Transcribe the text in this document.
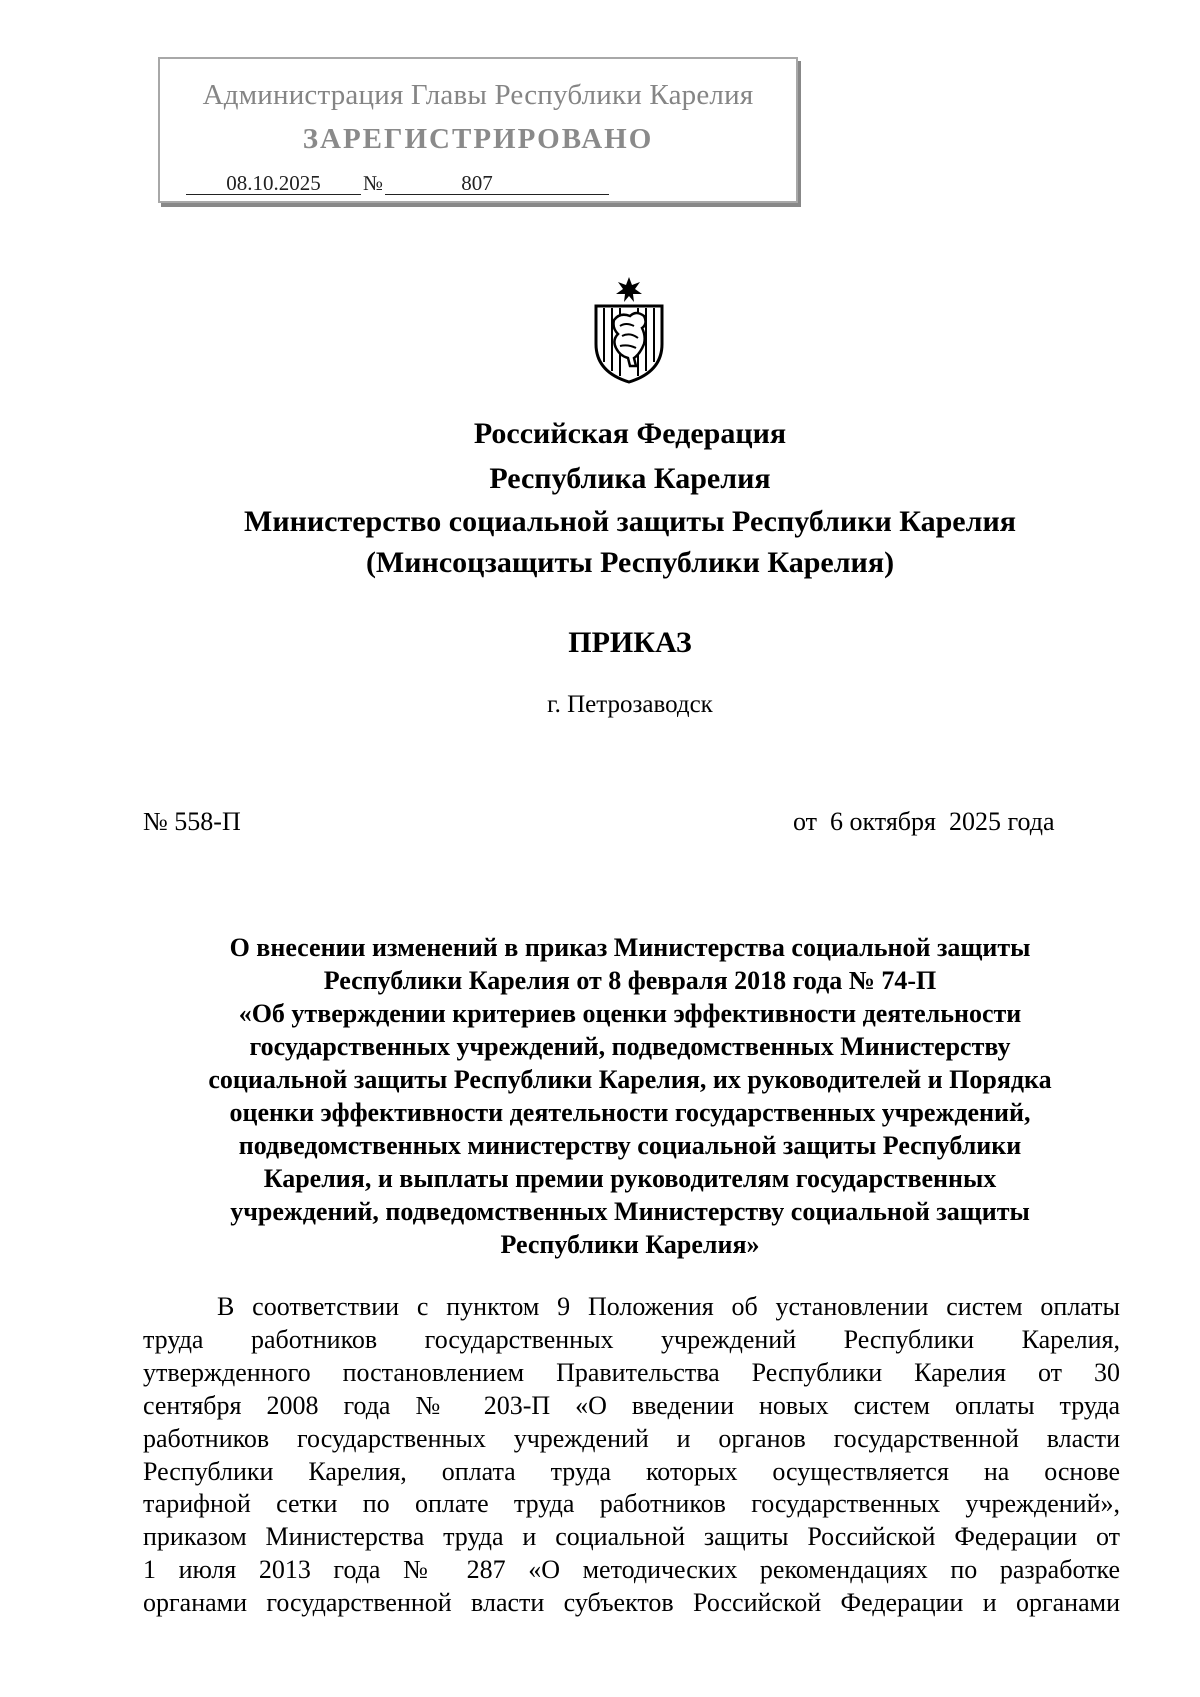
Администрация Главы Республики Карелия
ЗАРЕГИСТРИРОВАНО
08.10.2025 №	807
Российская Федерация
Республика Карелия
Министерство социальной защиты Республики Карелия
(Минсоцзащиты Республики Карелия)
ПРИКАЗ
г. Петрозаводск
№ 558-П	от  6 октября  2025 года
О внесении изменений в приказ Министерства социальной защиты
Республики Карелия от 8 февраля 2018 года № 74-П
«Об утверждении критериев оценки эффективности деятельности
государственных учреждений, подведомственных Министерству
социальной защиты Республики Карелия, их руководителей и Порядка
оценки эффективности деятельности государственных учреждений,
подведомственных министерству социальной защиты Республики
Карелия, и выплаты премии руководителям государственных
учреждений, подведомственных Министерству социальной защиты
Республики Карелия»
В соответствии с пунктом 9 Положения об установлении систем оплаты
труда работников государственных учреждений Республики Карелия,
утвержденного постановлением Правительства Республики Карелия от 30
сентября 2008 года № 203-П «О введении новых систем оплаты труда
работников государственных учреждений и органов государственной власти
Республики Карелия, оплата труда которых осуществляется на основе
тарифной сетки по оплате труда работников государственных учреждений»,
приказом Министерства труда и социальной защиты Российской Федерации от
1 июля 2013 года № 287 «О методических рекомендациях по разработке
органами государственной власти субъектов Российской Федерации и органами
